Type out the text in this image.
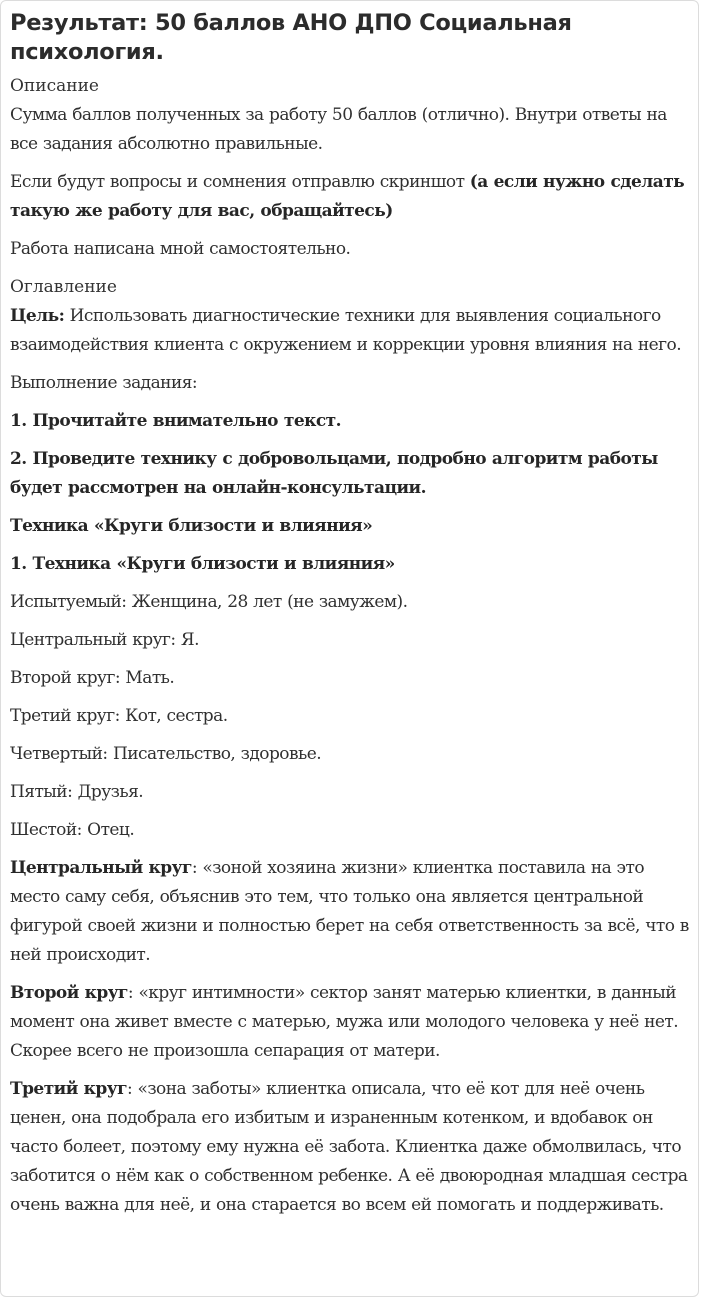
Результат: 50 баллов АНО ДПО Социальная психология.
Описание

Сумма баллов полученных за работу 50 баллов (отлично). Внутри ответы на все задания абсолютно правильные.

Если будут вопросы и сомнения отправлю скриншот (а если нужно сделать такую же работу для вас, обращайтесь)

Работа написана мной самостоятельно.

Оглавление

Цель: Использовать диагностические техники для выявления социального взаимодействия клиента с окружением и коррекции уровня влияния на него.

Выполнение задания:

1. Прочитайте внимательно текст.

2. Проведите технику с добровольцами, подробно алгоритм работы будет рассмотрен на онлайн-консультации.

Техника «Круги близости и влияния»

1. Техника «Круги близости и влияния»

Испытуемый: Женщина, 28 лет (не замужем).

Центральный круг: Я.

Второй круг: Мать.

Третий круг: Кот, сестра.

Четвертый: Писательство, здоровье.

Пятый: Друзья.

Шестой: Отец.

Центральный круг: «зоной хозяина жизни» клиентка поставила на это место саму себя, объяснив это тем, что только она является центральной фигурой своей жизни и полностью берет на себя ответственность за всё, что в ней происходит.

Второй круг: «круг интимности» сектор занят матерью клиентки, в данный момент она живет вместе с матерью, мужа или молодого человека у неё нет. Скорее всего не произошла сепарация от матери.

Третий круг: «зона заботы» клиентка описала, что её кот для неё очень ценен, она подобрала его избитым и израненным котенком, и вдобавок он часто болеет, поэтому ему нужна её забота. Клиентка даже обмолвилась, что заботится о нём как о собственном ребенке. А её двоюродная младшая сестра очень важна для неё, и она старается во всем ей помогать и поддерживать.
